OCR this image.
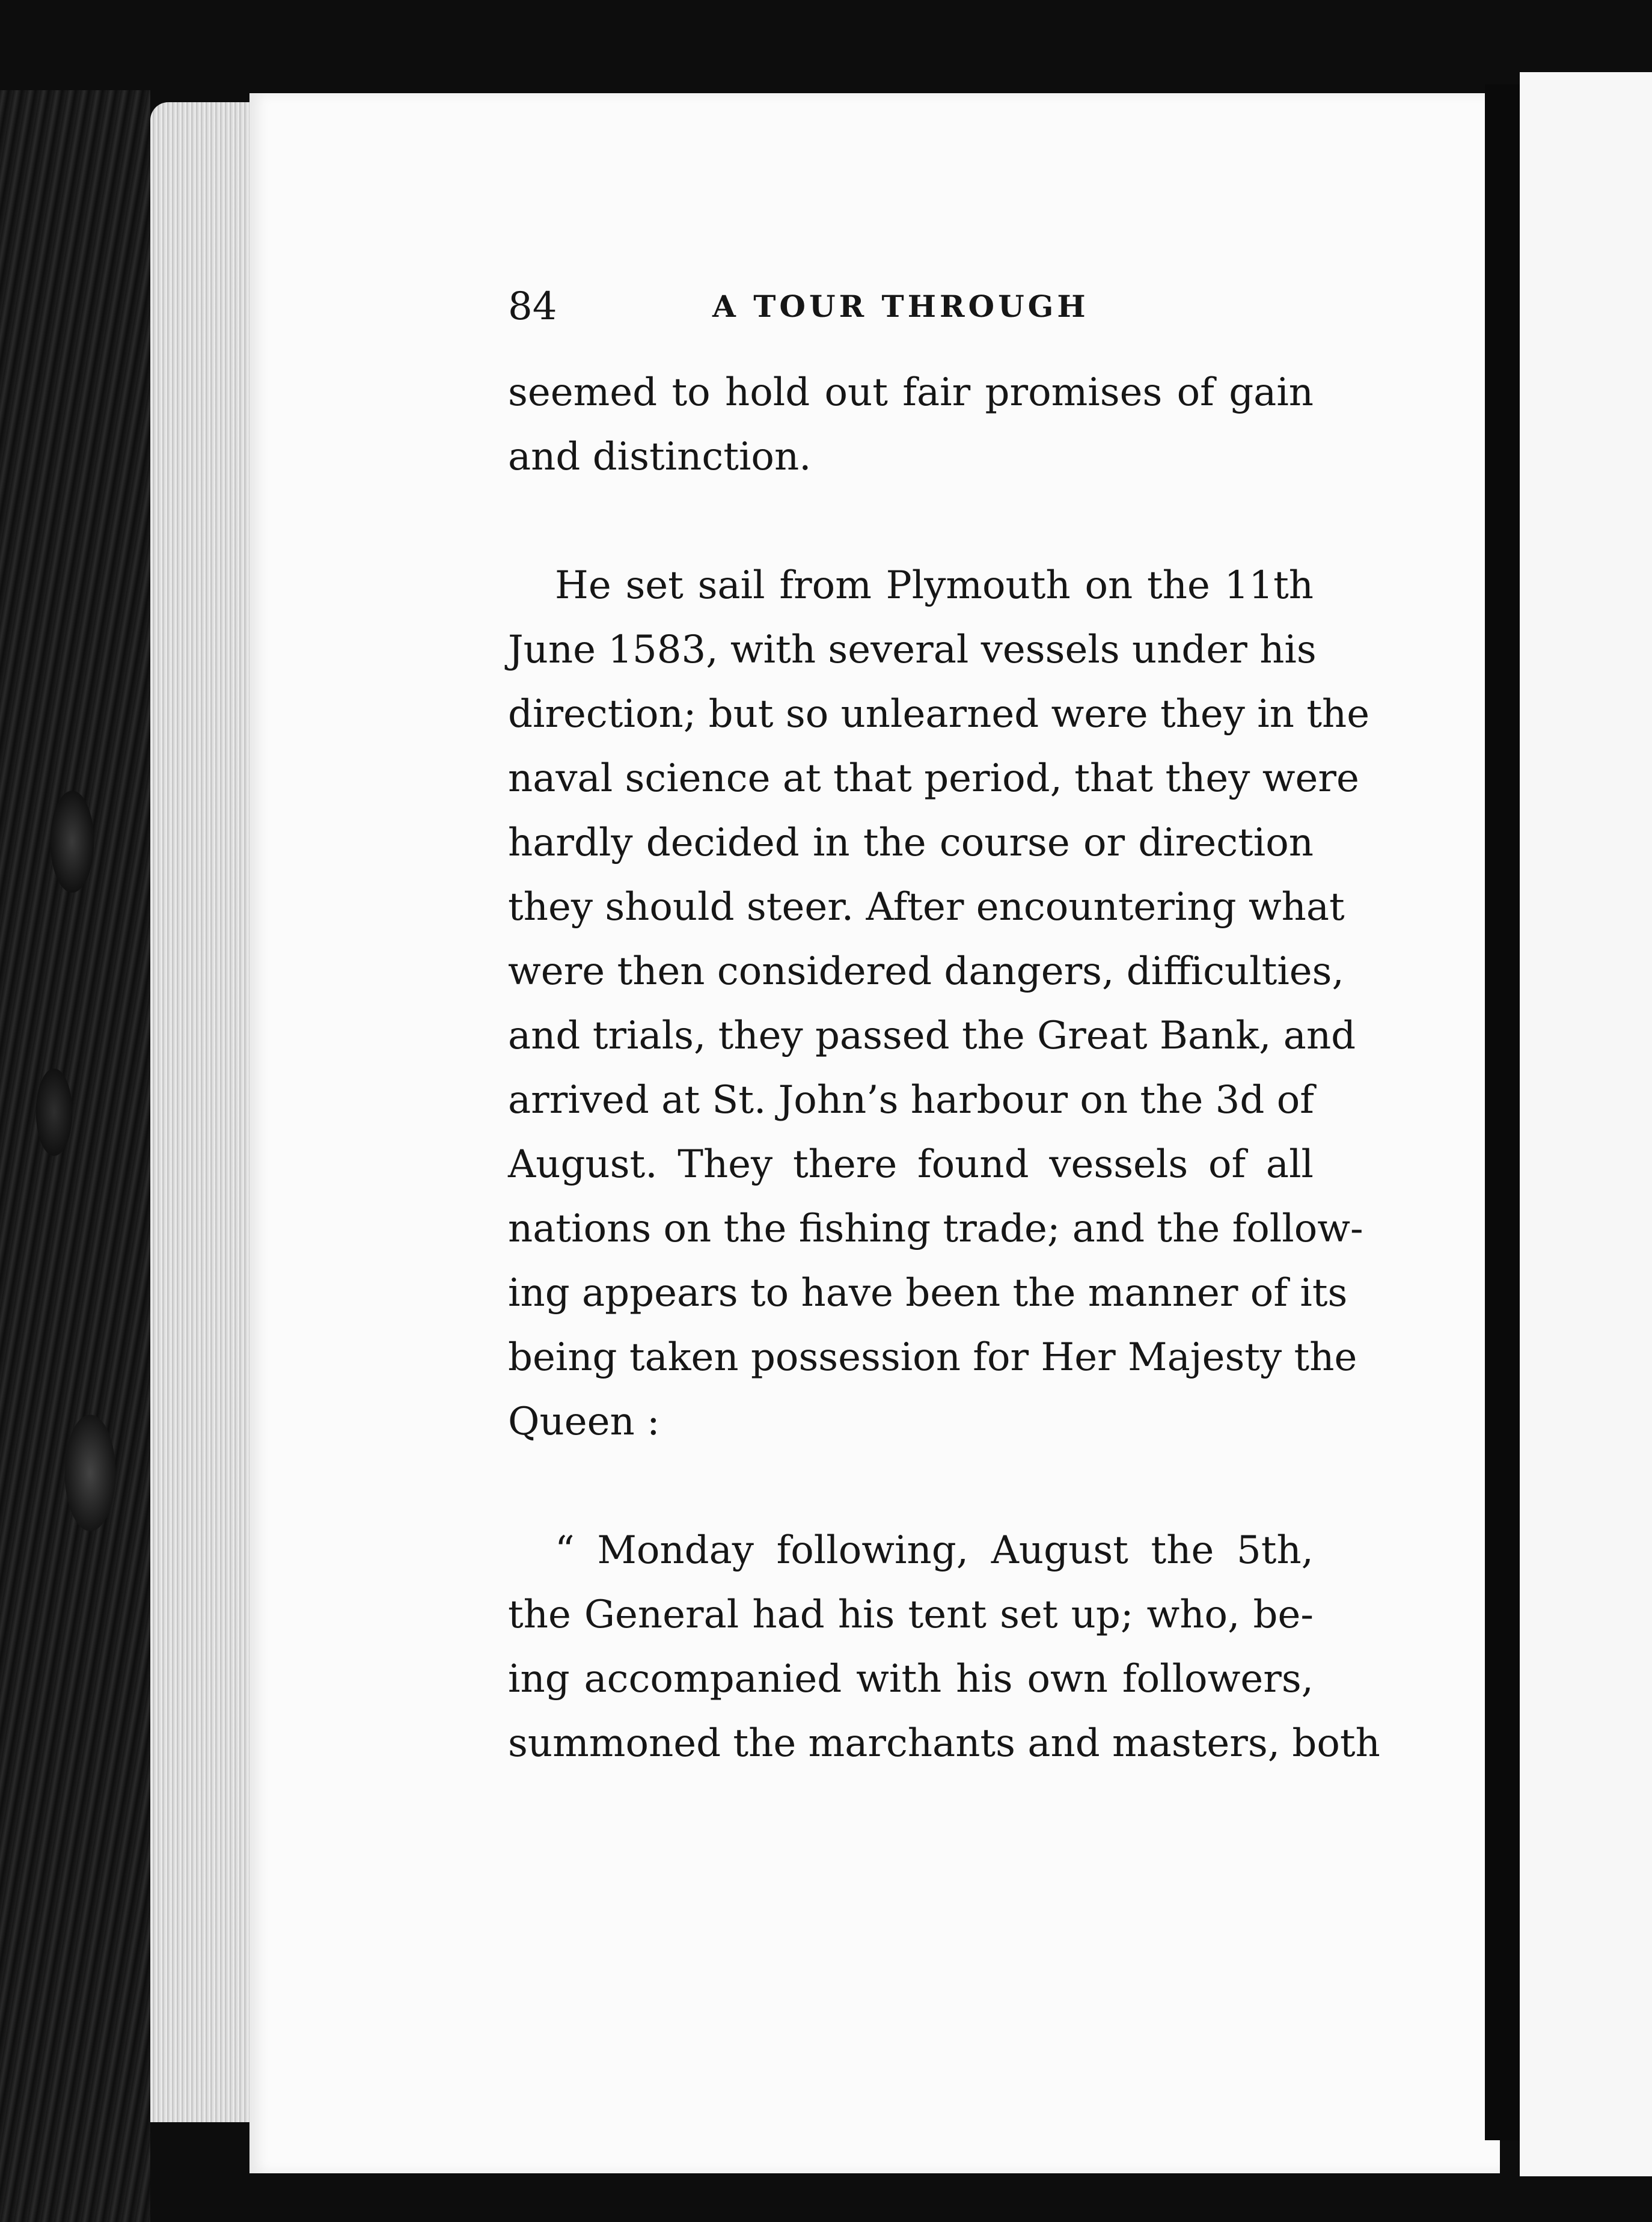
84	A TOUR THROUGH
seemed to hold out fair promises of gain
and distinction.
He set sail from Plymouth on the 11th
June 1583, with several vessels under his
direction; but so unlearned were they in the
naval science at that period, that they were
hardly decided in the course or direction
they should steer. After encountering what
were then considered dangers, difficulties,
and trials, they passed the Great Bank, and
arrived at St. John’s harbour on the 3d of
August. They there found vessels of all
nations on the fishing trade; and the follow-
ing appears to have been the manner of its
being taken possession for Her Majesty the
Queen :
“ Monday following, August the 5th,
the General had his tent set up; who, be-
ing accompanied with his own followers,
summoned the marchants and masters, both
